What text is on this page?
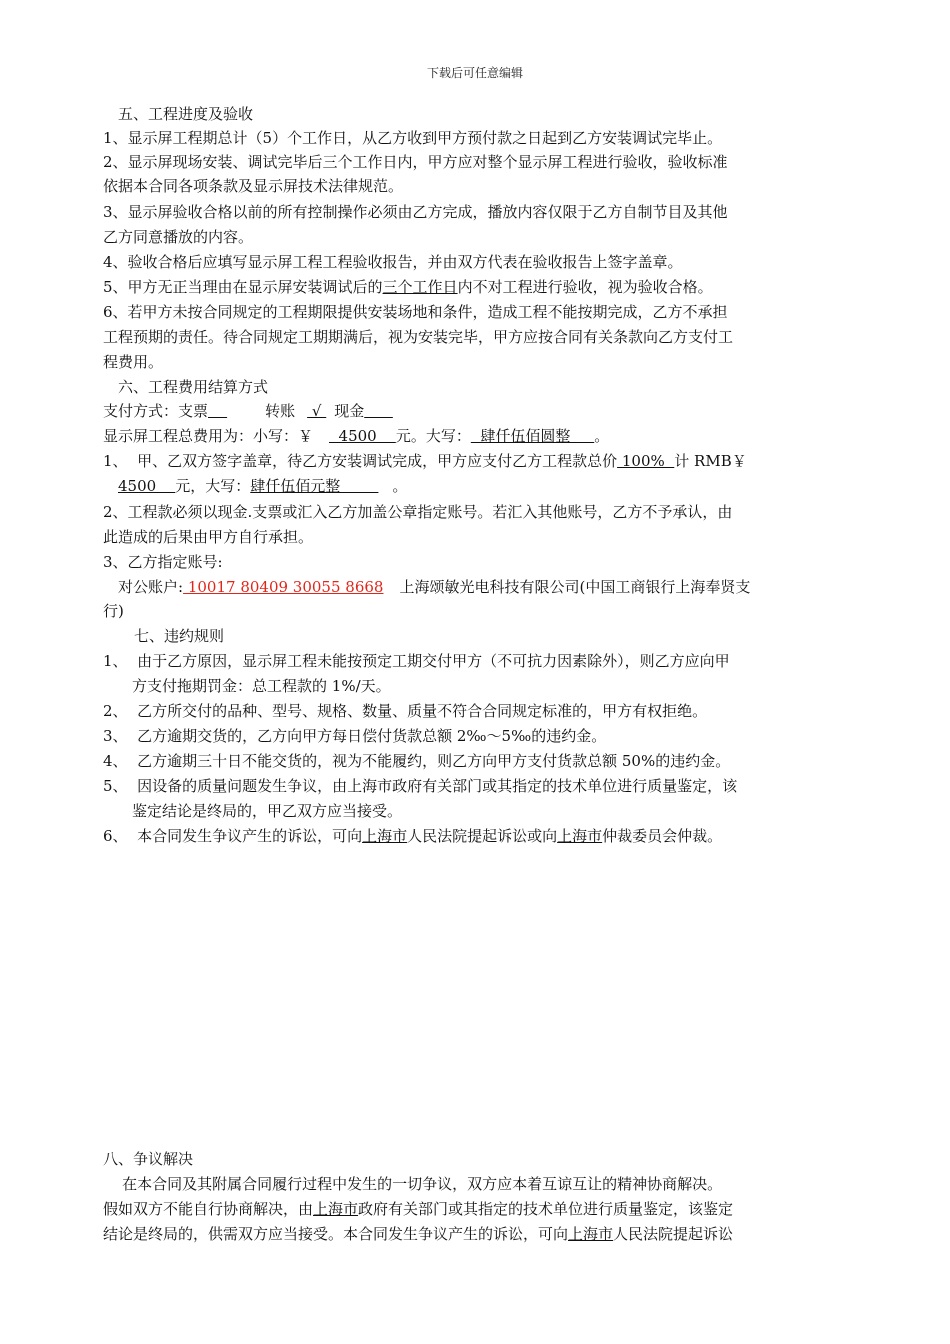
下载后可任意编辑
五、工程进度及验收
1、显示屏工程期总计（5）个工作日，从乙方收到甲方预付款之日起到乙方安装调试完毕止。
2、显示屏现场安装、调试完毕后三个工作日内，甲方应对整个显示屏工程进行验收，验收标准
依据本合同各项条款及显示屏技术法律规范。
3、显示屏验收合格以前的所有控制操作必须由乙方完成，播放内容仅限于乙方自制节目及其他
乙方同意播放的内容。
4、验收合格后应填写显示屏工程工程验收报告，并由双方代表在验收报告上签字盖章。
5、甲方无正当理由在显示屏安装调试后的三个工作日内不对工程进行验收，视为验收合格。
6、若甲方未按合同规定的工程期限提供安装场地和条件，造成工程不能按期完成，乙方不承担
工程预期的责任。待合同规定工期期满后，视为安装完毕，甲方应按合同有关条款向乙方支付工
程费用。
六、工程费用结算方式
支付方式：支票	转账 √ 现金
显示屏工程总费用为：小写：￥  4500    元。大写：  肆仟伍佰圆整     。
1、  甲、乙双方签字盖章，待乙方安装调试完成，甲方应支付乙方工程款总价 100%  计 RMB￥
4500    元，大写：肆仟伍佰元整        。
2、工程款必须以现金.支票或汇入乙方加盖公章指定账号。若汇入其他账号，乙方不予承认，由
此造成的后果由甲方自行承担。
3、乙方指定账号:
对公账户: 10017 80409 30055 8668 上海颂敏光电科技有限公司(中国工商银行上海奉贤支
行)
七、违约规则
1、  由于乙方原因，显示屏工程未能按预定工期交付甲方（不可抗力因素除外），则乙方应向甲
方支付拖期罚金：总工程款的 1%/天。
2、  乙方所交付的品种、型号、规格、数量、质量不符合合同规定标准的，甲方有权拒绝。
3、  乙方逾期交货的，乙方向甲方每日偿付货款总额 2‰～5‰的违约金。
4、  乙方逾期三十日不能交货的，视为不能履约，则乙方向甲方支付货款总额 50%的违约金。
5、  因设备的质量问题发生争议，由上海市政府有关部门或其指定的技术单位进行质量鉴定，该
鉴定结论是终局的，甲乙双方应当接受。
6、  本合同发生争议产生的诉讼，可向上海市人民法院提起诉讼或向上海市仲裁委员会仲裁。
八、争议解决
在本合同及其附属合同履行过程中发生的一切争议，双方应本着互谅互让的精神协商解决。
假如双方不能自行协商解决，由上海市政府有关部门或其指定的技术单位进行质量鉴定，该鉴定
结论是终局的，供需双方应当接受。本合同发生争议产生的诉讼，可向上海市人民法院提起诉讼
